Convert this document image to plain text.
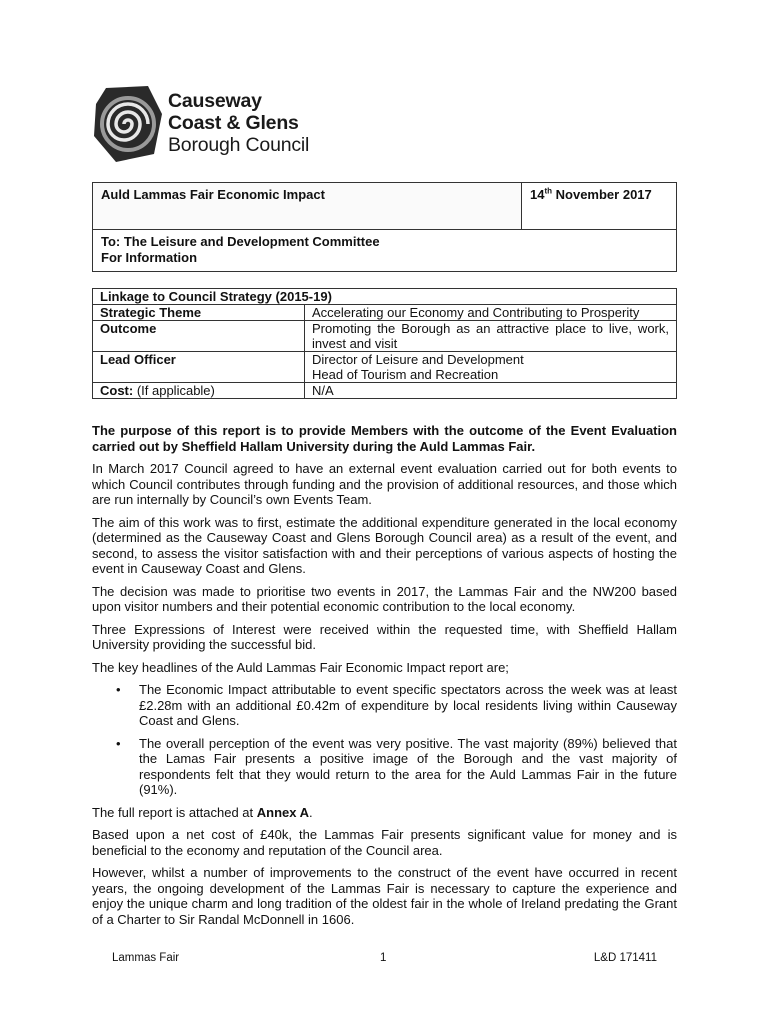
Causeway
Coast & Glens
Borough Council
Auld Lammas Fair Economic Impact	14th November 2017

To: The Leisure and Development Committee
For Information
Linkage to Council Strategy (2015-19)	
Strategic Theme	Accelerating our Economy and Contributing to Prosperity
Outcome	Promoting the Borough as an attractive place to live, work, invest and visit
Lead Officer	Director of Leisure and Development
Head of Tourism and Recreation

Cost: (If applicable)	N/A

The purpose of this report is to provide Members with the outcome of the Event Evaluation carried out by Sheffield Hallam University during the Auld Lammas Fair.

In March 2017 Council agreed to have an external event evaluation carried out for both events to which Council contributes through funding and the provision of additional resources, and those which are run internally by Council’s own Events Team.

The aim of this work was to first, estimate the additional expenditure generated in the local economy (determined as the Causeway Coast and Glens Borough Council area) as a result of the event, and second, to assess the visitor satisfaction with and their perceptions of various aspects of hosting the event in Causeway Coast and Glens.

The decision was made to prioritise two events in 2017, the Lammas Fair and the NW200 based upon visitor numbers and their potential economic contribution to the local economy.

Three Expressions of Interest were received within the requested time, with Sheffield Hallam University providing the successful bid.

The key headlines of the Auld Lammas Fair Economic Impact report are;

• The Economic Impact attributable to event specific spectators across the week was at least £2.28m with an additional £0.42m of expenditure by local residents living within Causeway Coast and Glens.
• The overall perception of the event was very positive. The vast majority (89%) believed that the Lamas Fair presents a positive image of the Borough and the vast majority of respondents felt that they would return to the area for the Auld Lammas Fair in the future (91%).

The full report is attached at Annex A.

Based upon a net cost of £40k, the Lammas Fair presents significant value for money and is beneficial to the economy and reputation of the Council area.

However, whilst a number of improvements to the construct of the event have occurred in recent years, the ongoing development of the Lammas Fair is necessary to capture the experience and enjoy the unique charm and long tradition of the oldest fair in the whole of Ireland predating the Grant of a Charter to Sir Randal McDonnell in 1606.

Lammas Fair	1	L&D 171411
